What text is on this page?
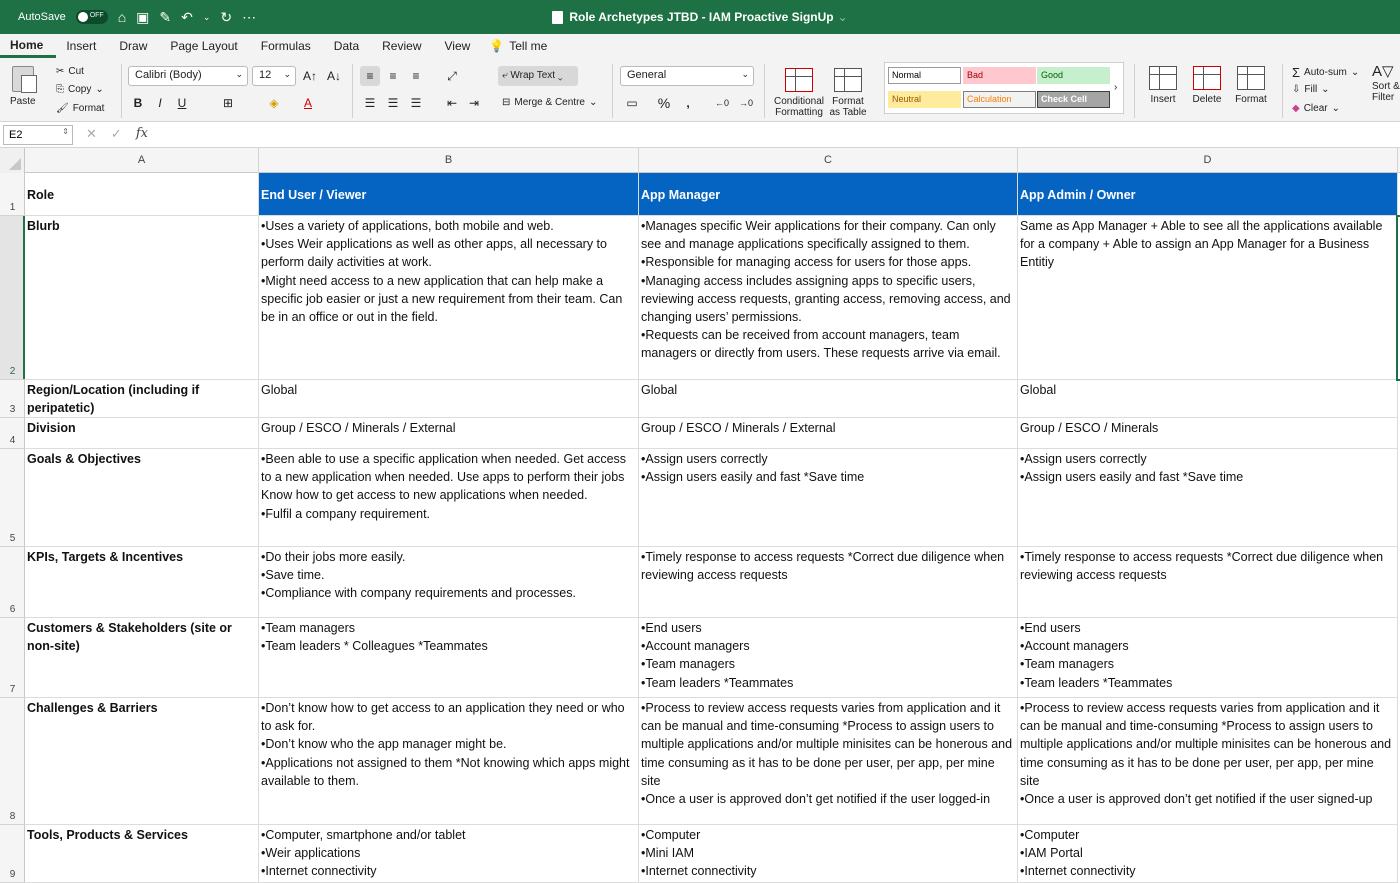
AutoSave	OFF ⌂ ▣ ✎ ↶ ⌄ ↻ ⋯	Role Archetypes JTBD - IAM Proactive SignUp ⌄
Home	Insert	Draw	Page Layout	Formulas	Data	Review	View	💡 Tell me
Paste
✂ Cut
⎘ Copy ⌄
🖌 Format
Calibri (Body)	⌄	12 ⌄ A↑ A↓
B	I	U	⊞	◈	A
≡	≡	≡	⤢
☰	☰	☰	⇤ ⇥
⤶ Wrap Text ⌄
⊟ Merge & Centre ⌄
General	⌄
▭	%	,	←0	→0	Conditional
Formatting
Format
as Table
Normal	Bad	Good
Neutral	Calculation	Check Cell
›
Insert	Delete	Format
Σ Auto-sum ⌄
⇩ Fill ⌄
◆ Clear ⌄
A▽
Sort &
Filter
E2	⇕ ✕ ✓ fx
A	B	C	D
1
2
3
4
5
6
7
8
9
Role	End User / Viewer	App Manager	App Admin / Owner
Blurb	•Uses a variety of applications, both mobile and web.
•Uses Weir applications as well as other apps, all necessary to perform daily activities at work.
•Might need access to a new application that can help make a specific job easier or just a new requirement from their team. Can be in an office or out in the field.
•Manages specific Weir applications for their company. Can only see and manage applications specifically assigned to them.
•Responsible for managing access for users for those apps.
•Managing access includes assigning apps to specific users, reviewing access requests, granting access, removing access, and changing users’ permissions.
•Requests can be received from account managers, team managers or directly from users. These requests arrive via email.
Same as App Manager + Able to see all the applications available for a company + Able to assign an App Manager for a Business Entitiy
Region/Location (including if peripatetic)
Global	Global	Global
Division	Group / ESCO / Minerals / External	Group / ESCO / Minerals / External	Group / ESCO / Minerals
Goals & Objectives	•Been able to use a specific application when needed. Get access to a new application when needed. Use apps to perform their jobs Know how to get access to new applications when needed.
•Fulfil a company requirement.
•Assign users correctly
•Assign users easily and fast *Save time
•Assign users correctly
•Assign users easily and fast *Save time
KPIs, Targets & Incentives	•Do their jobs more easily.
•Save time.
•Compliance with company requirements and processes.
•Timely response to access requests *Correct due diligence when reviewing access requests
•Timely response to access requests *Correct due diligence when reviewing access requests
Customers & Stakeholders (site or non-site)
•Team managers
•Team leaders * Colleagues *Teammates
•End users
•Account managers
•Team managers
•Team leaders *Teammates
•End users
•Account managers
•Team managers
•Team leaders *Teammates
Challenges & Barriers	•Don’t know how to get access to an application they need or who to ask for.
•Don’t know who the app manager might be.
•Applications not assigned to them *Not knowing which apps might available to them.
•Process to review access requests varies from application and it can be manual and time-consuming *Process to assign users to multiple applications and/or multiple minisites can be honerous and time consuming as it has to be done per user, per app, per mine site
•Once a user is approved don’t get notified if the user logged-in
•Process to review access requests varies from application and it can be manual and time-consuming *Process to assign users to multiple applications and/or multiple minisites can be honerous and time consuming as it has to be done per user, per app, per mine site
•Once a user is approved don’t get notified if the user signed-up
Tools, Products & Services	•Computer, smartphone and/or tablet
•Weir applications
•Internet connectivity
•Computer
•Mini IAM
•Internet connectivity
•Computer
•IAM Portal
•Internet connectivity
